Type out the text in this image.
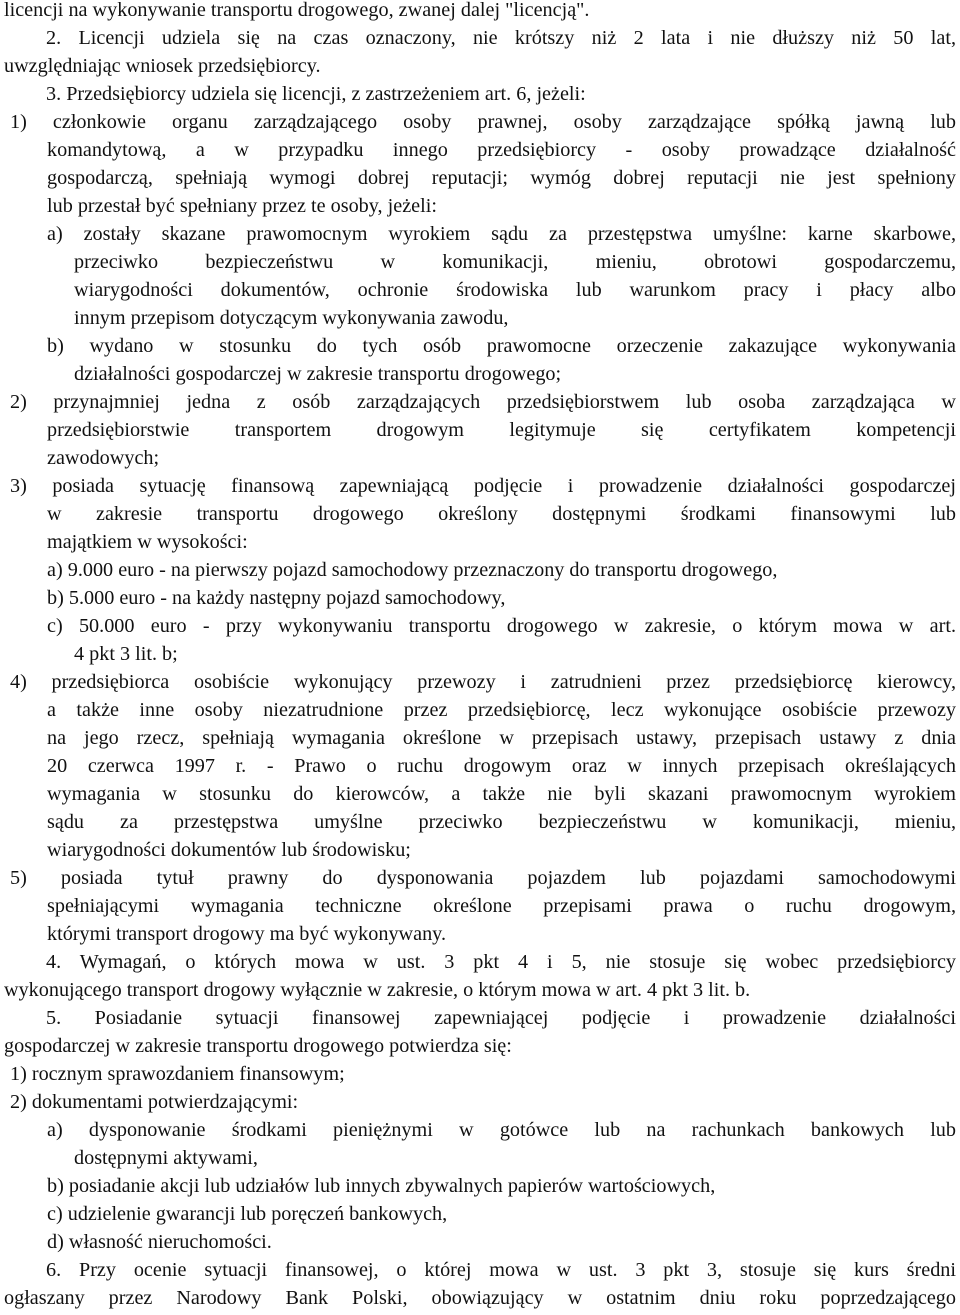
licencji na wykonywanie transportu drogowego, zwanej dalej "licencją".
2. Licencji udziela się na czas oznaczony, nie krótszy niż 2 lata i nie dłuższy niż 50 lat,
uwzględniając wniosek przedsiębiorcy.
3. Przedsiębiorcy udziela się licencji, z zastrzeżeniem art. 6, jeżeli:
1) członkowie organu zarządzającego osoby prawnej, osoby zarządzające spółką jawną lub
komandytową, a w przypadku innego przedsiębiorcy - osoby prowadzące działalność
gospodarczą, spełniają wymogi dobrej reputacji; wymóg dobrej reputacji nie jest spełniony
lub przestał być spełniany przez te osoby, jeżeli:
a) zostały skazane prawomocnym wyrokiem sądu za przestępstwa umyślne: karne skarbowe,
przeciwko bezpieczeństwu w komunikacji, mieniu, obrotowi gospodarczemu,
wiarygodności dokumentów, ochronie środowiska lub warunkom pracy i płacy albo
innym przepisom dotyczącym wykonywania zawodu,
b) wydano w stosunku do tych osób prawomocne orzeczenie zakazujące wykonywania
działalności gospodarczej w zakresie transportu drogowego;
2) przynajmniej jedna z osób zarządzających przedsiębiorstwem lub osoba zarządzająca w
przedsiębiorstwie transportem drogowym legitymuje się certyfikatem kompetencji
zawodowych;
3) posiada sytuację finansową zapewniającą podjęcie i prowadzenie działalności gospodarczej
w zakresie transportu drogowego określony dostępnymi środkami finansowymi lub
majątkiem w wysokości:
a) 9.000 euro - na pierwszy pojazd samochodowy przeznaczony do transportu drogowego,
b) 5.000 euro - na każdy następny pojazd samochodowy,
c) 50.000 euro - przy wykonywaniu transportu drogowego w zakresie, o którym mowa w art.
4 pkt 3 lit. b;
4) przedsiębiorca osobiście wykonujący przewozy i zatrudnieni przez przedsiębiorcę kierowcy,
a także inne osoby niezatrudnione przez przedsiębiorcę, lecz wykonujące osobiście przewozy
na jego rzecz, spełniają wymagania określone w przepisach ustawy, przepisach ustawy z dnia
20 czerwca 1997 r. - Prawo o ruchu drogowym oraz w innych przepisach określających
wymagania w stosunku do kierowców, a także nie byli skazani prawomocnym wyrokiem
sądu za przestępstwa umyślne przeciwko bezpieczeństwu w komunikacji, mieniu,
wiarygodności dokumentów lub środowisku;
5) posiada tytuł prawny do dysponowania pojazdem lub pojazdami samochodowymi
spełniającymi wymagania techniczne określone przepisami prawa o ruchu drogowym,
którymi transport drogowy ma być wykonywany.
4. Wymagań, o których mowa w ust. 3 pkt 4 i 5, nie stosuje się wobec przedsiębiorcy
wykonującego transport drogowy wyłącznie w zakresie, o którym mowa w art. 4 pkt 3 lit. b.
5. Posiadanie sytuacji finansowej zapewniającej podjęcie i prowadzenie działalności
gospodarczej w zakresie transportu drogowego potwierdza się:
1) rocznym sprawozdaniem finansowym;
2) dokumentami potwierdzającymi:
a) dysponowanie środkami pieniężnymi w gotówce lub na rachunkach bankowych lub
dostępnymi aktywami,
b) posiadanie akcji lub udziałów lub innych zbywalnych papierów wartościowych,
c) udzielenie gwarancji lub poręczeń bankowych,
d) własność nieruchomości.
6. Przy ocenie sytuacji finansowej, o której mowa w ust. 3 pkt 3, stosuje się kurs średni
ogłaszany przez Narodowy Bank Polski, obowiązujący w ostatnim dniu roku poprzedzającego
